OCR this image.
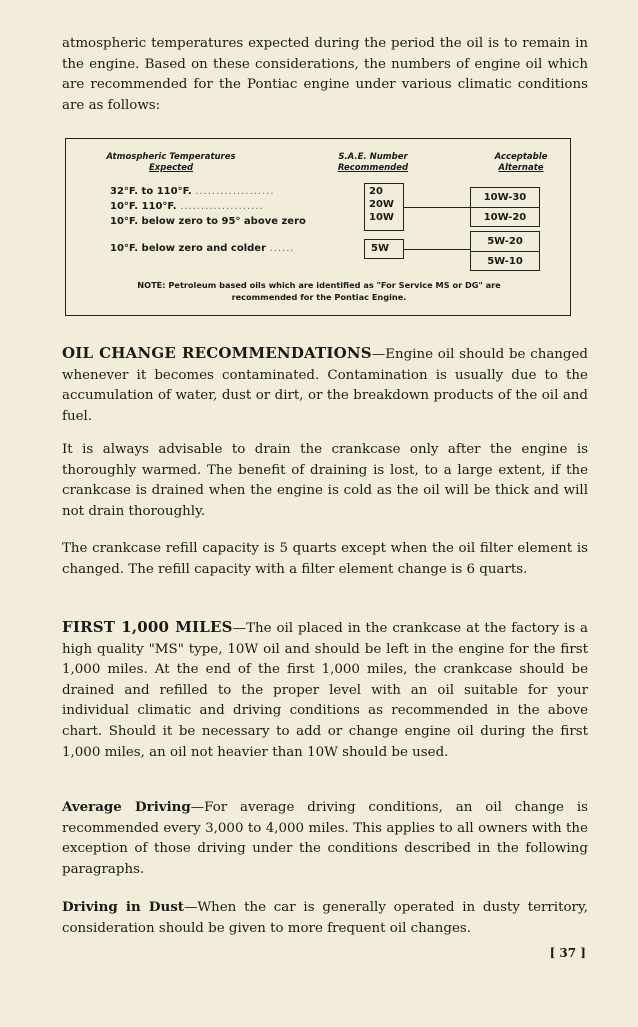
atmospheric temperatures expected during the period the oil is to remain in the engine. Based on these considerations, the numbers of engine oil which are recommended for the Pontiac engine under various climatic conditions are as follows:

Atmospheric Temperatures
Expected
S.A.E. Number
Recommended
Acceptable
Alternate
32°F. to 110°F. ...................
10°F. 110°F. ....................
10°F. below zero to 95° above zero
10°F. below zero and colder ......
20
20W
10W
5W
10W-30
10W-20
5W-20
5W-10
NOTE: Petroleum based oils which are identified as "For Service MS or DG" are recommended for the Pontiac Engine.

OIL CHANGE RECOMMENDATIONS—Engine oil should be changed whenever it becomes contaminated. Contamination is usually due to the accumulation of water, dust or dirt, or the breakdown products of the oil and fuel.

It is always advisable to drain the crankcase only after the engine is thoroughly warmed. The benefit of draining is lost, to a large extent, if the crankcase is drained when the engine is cold as the oil will be thick and will not drain thoroughly.

The crankcase refill capacity is 5 quarts except when the oil filter element is changed. The refill capacity with a filter element change is 6 quarts.

FIRST 1,000 MILES—The oil placed in the crankcase at the factory is a high quality "MS" type, 10W oil and should be left in the engine for the first 1,000 miles. At the end of the first 1,000 miles, the crankcase should be drained and refilled to the proper level with an oil suitable for your individual climatic and driving conditions as recommended in the above chart. Should it be necessary to add or change engine oil during the first 1,000 miles, an oil not heavier than 10W should be used.

Average Driving—For average driving conditions, an oil change is recommended every 3,000 to 4,000 miles. This applies to all owners with the exception of those driving under the conditions described in the following paragraphs.

Driving in Dust—When the car is generally operated in dusty territory, consideration should be given to more frequent oil changes.

[ 37 ]
